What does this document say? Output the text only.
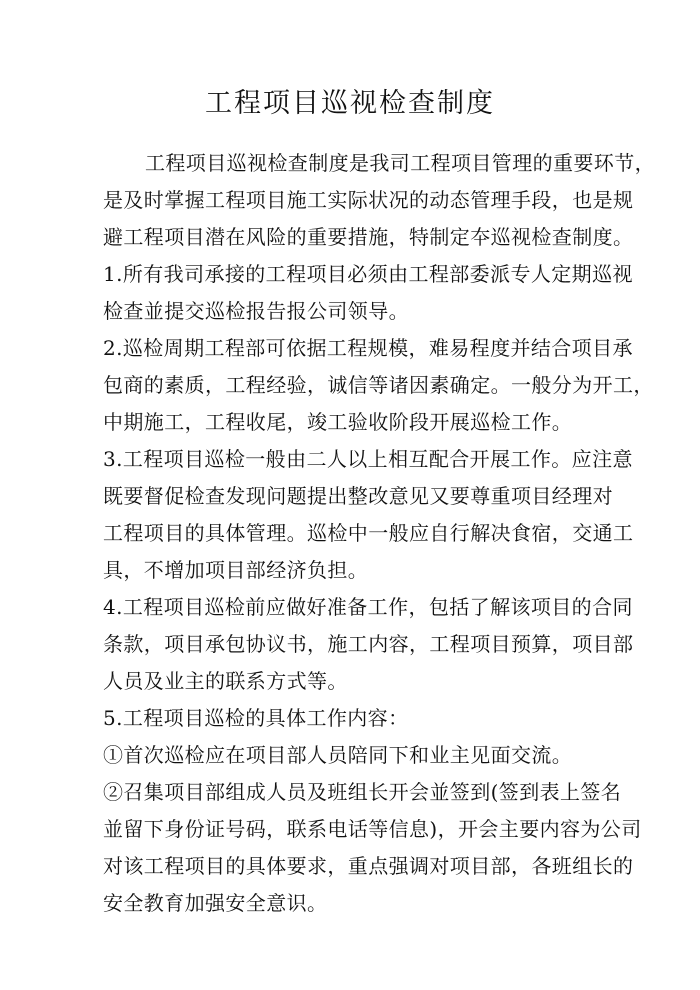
工程项目巡视检查制度
工程项目巡视检查制度是我司工程项目管理的重要环节，
是及时掌握工程项目施工实际状况的动态管理手段，也是规
避工程项目潜在风险的重要措施，特制定夲巡视检查制度。
1.所有我司承接的工程项目必须由工程部委派专人定期巡视
检查並提交巡检报告报公司领导。
2.巡检周期工程部可依据工程规模，难易程度并结合项目承
包商的素质，工程经验，诚信等诸因素确定。一般分为开工，
中期施工，工程收尾，竣工验收阶段开展巡检工作。
3.工程项目巡检一般由二人以上相互配合开展工作。应注意
既要督促检查发现问题提出整改意见又要尊重项目经理对
工程项目的具体管理。巡检中一般应自行解决食宿，交通工
具，不增加项目部经济负担。
4.工程项目巡检前应做好准备工作，包括了解该项目的合同
条款，项目承包协议书，施工内容，工程项目预算，项目部
人员及业主的联系方式等。
5.工程项目巡检的具体工作内容：
①首次巡检应在项目部人员陪同下和业主见面交流。
②召集项目部组成人员及班组长开会並签到(签到表上签名
並留下身份证号码，联系电话等信息)，开会主要内容为公司
对该工程项目的具体要求，重点强调对项目部，各班组长的
安全教育加强安全意识。
